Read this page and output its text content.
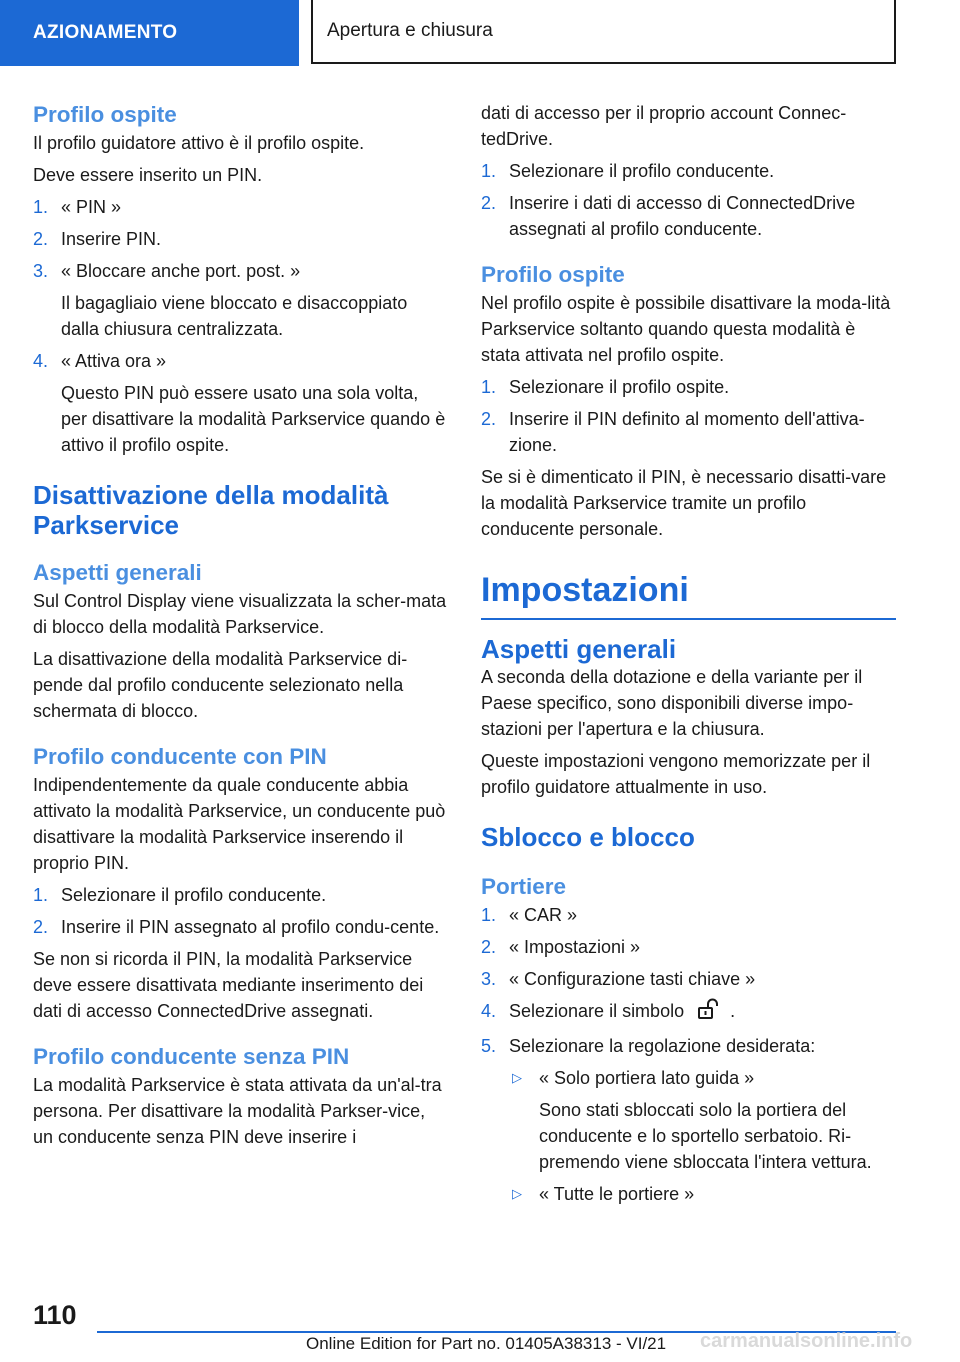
AZIONAMENTO	Apertura e chiusura
Profilo ospite

Il profilo guidatore attivo è il profilo ospite.

Deve essere inserito un PIN.

1. « PIN »
2. Inserire PIN.
3. « Bloccare anche port. post. »
Il bagagliaio viene bloccato e disaccoppiato dalla chiusura centralizzata.
4. « Attiva ora »
Questo PIN può essere usato una sola volta, per disattivare la modalità Parkservice quando è attivo il profilo ospite.
Disattivazione della modalità Parkservice
Aspetti generali

Sul Control Display viene visualizzata la scher-mata di blocco della modalità Parkservice.

La disattivazione della modalità Parkservice di-pende dal profilo conducente selezionato nella schermata di blocco.

Profilo conducente con PIN

Indipendentemente da quale conducente abbia attivato la modalità Parkservice, un conducente può disattivare la modalità Parkservice inserendo il proprio PIN.

1. Selezionare il profilo conducente.
2. Inserire il PIN assegnato al profilo condu-cente.

Se non si ricorda il PIN, la modalità Parkservice deve essere disattivata mediante inserimento dei dati di accesso ConnectedDrive assegnati.

Profilo conducente senza PIN

La modalità Parkservice è stata attivata da un'al-tra persona. Per disattivare la modalità Parkser-vice, un conducente senza PIN deve inserire i

dati di accesso per il proprio account Connec-tedDrive.

1. Selezionare il profilo conducente.
2. Inserire i dati di accesso di ConnectedDrive assegnati al profilo conducente.
Profilo ospite

Nel profilo ospite è possibile disattivare la moda-lità Parkservice soltanto quando questa modalità è stata attivata nel profilo ospite.

1. Selezionare il profilo ospite.
2. Inserire il PIN definito al momento dell'attiva-zione.

Se si è dimenticato il PIN, è necessario disatti-vare la modalità Parkservice tramite un profilo conducente personale.

Impostazioni
Aspetti generali

A seconda della dotazione e della variante per il Paese specifico, sono disponibili diverse impo-stazioni per l'apertura e la chiusura.

Queste impostazioni vengono memorizzate per il profilo guidatore attualmente in uso.

Sblocco e blocco
Portiere
1. « CAR »
2. « Impostazioni »
3. « Configurazione tasti chiave »
4. Selezionare il simbolo	.
5. Selezionare la regolazione desiderata:
▷ « Solo portiera lato guida »
Sono stati sbloccati solo la portiera del conducente e lo sportello serbatoio. Ri-premendo viene sbloccata l'intera vettura.
▷ « Tutte le portiere »
110
Online Edition for Part no. 01405A38313 - VI/21 carmanualsonline.info
